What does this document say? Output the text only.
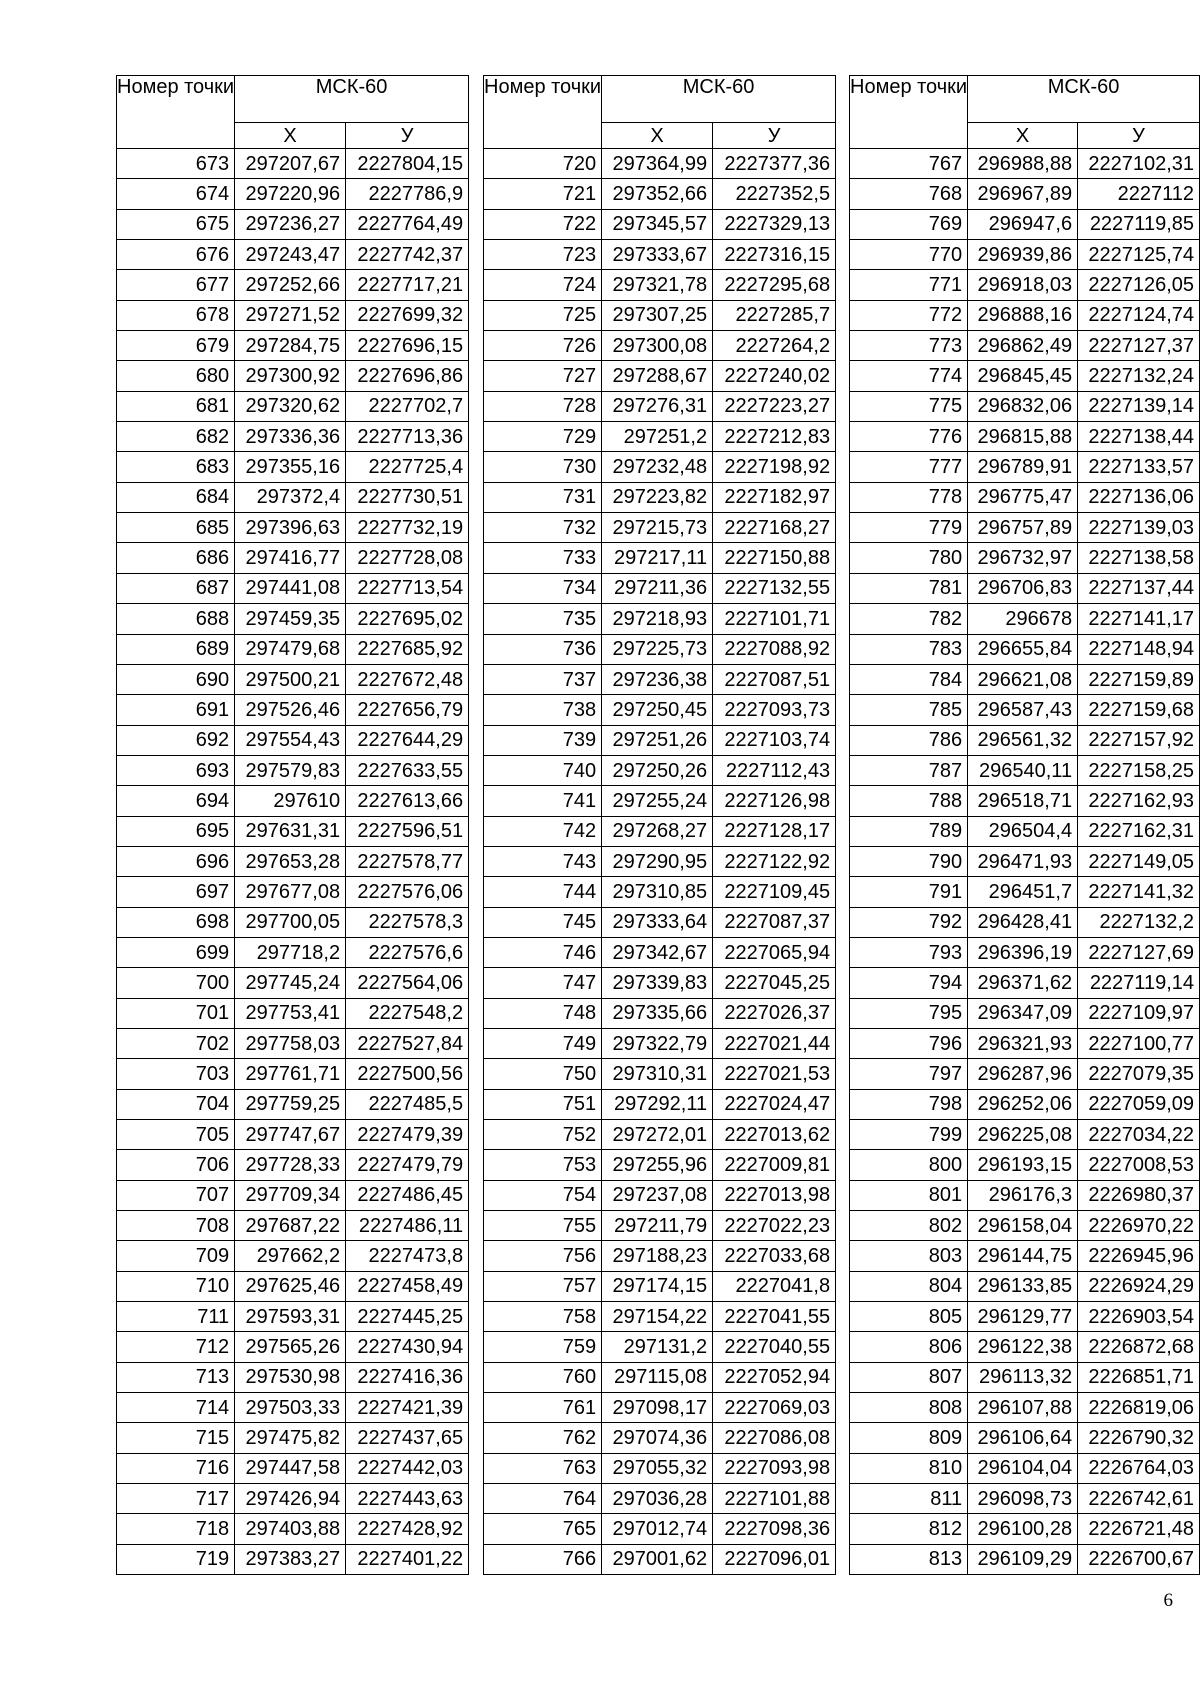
Номер точки	МСК-60	
	X	У
673	297207,67	2227804,15
674	297220,96	2227786,9
675	297236,27	2227764,49
676	297243,47	2227742,37
677	297252,66	2227717,21
678	297271,52	2227699,32
679	297284,75	2227696,15
680	297300,92	2227696,86
681	297320,62	2227702,7
682	297336,36	2227713,36
683	297355,16	2227725,4
684	297372,4	2227730,51
685	297396,63	2227732,19
686	297416,77	2227728,08
687	297441,08	2227713,54
688	297459,35	2227695,02
689	297479,68	2227685,92
690	297500,21	2227672,48
691	297526,46	2227656,79
692	297554,43	2227644,29
693	297579,83	2227633,55
694	297610	2227613,66
695	297631,31	2227596,51
696	297653,28	2227578,77
697	297677,08	2227576,06
698	297700,05	2227578,3
699	297718,2	2227576,6
700	297745,24	2227564,06
701	297753,41	2227548,2
702	297758,03	2227527,84
703	297761,71	2227500,56
704	297759,25	2227485,5
705	297747,67	2227479,39
706	297728,33	2227479,79
707	297709,34	2227486,45
708	297687,22	2227486,11
709	297662,2	2227473,8
710	297625,46	2227458,49
711	297593,31	2227445,25
712	297565,26	2227430,94
713	297530,98	2227416,36
714	297503,33	2227421,39
715	297475,82	2227437,65
716	297447,58	2227442,03
717	297426,94	2227443,63
718	297403,88	2227428,92
719	297383,27	2227401,22
Номер точки	МСК-60	
	X	У
720	297364,99	2227377,36
721	297352,66	2227352,5
722	297345,57	2227329,13
723	297333,67	2227316,15
724	297321,78	2227295,68
725	297307,25	2227285,7
726	297300,08	2227264,2
727	297288,67	2227240,02
728	297276,31	2227223,27
729	297251,2	2227212,83
730	297232,48	2227198,92
731	297223,82	2227182,97
732	297215,73	2227168,27
733	297217,11	2227150,88
734	297211,36	2227132,55
735	297218,93	2227101,71
736	297225,73	2227088,92
737	297236,38	2227087,51
738	297250,45	2227093,73
739	297251,26	2227103,74
740	297250,26	2227112,43
741	297255,24	2227126,98
742	297268,27	2227128,17
743	297290,95	2227122,92
744	297310,85	2227109,45
745	297333,64	2227087,37
746	297342,67	2227065,94
747	297339,83	2227045,25
748	297335,66	2227026,37
749	297322,79	2227021,44
750	297310,31	2227021,53
751	297292,11	2227024,47
752	297272,01	2227013,62
753	297255,96	2227009,81
754	297237,08	2227013,98
755	297211,79	2227022,23
756	297188,23	2227033,68
757	297174,15	2227041,8
758	297154,22	2227041,55
759	297131,2	2227040,55
760	297115,08	2227052,94
761	297098,17	2227069,03
762	297074,36	2227086,08
763	297055,32	2227093,98
764	297036,28	2227101,88
765	297012,74	2227098,36
766	297001,62	2227096,01
Номер точки	МСК-60	
	X	У
767	296988,88	2227102,31
768	296967,89	2227112
769	296947,6	2227119,85
770	296939,86	2227125,74
771	296918,03	2227126,05
772	296888,16	2227124,74
773	296862,49	2227127,37
774	296845,45	2227132,24
775	296832,06	2227139,14
776	296815,88	2227138,44
777	296789,91	2227133,57
778	296775,47	2227136,06
779	296757,89	2227139,03
780	296732,97	2227138,58
781	296706,83	2227137,44
782	296678	2227141,17
783	296655,84	2227148,94
784	296621,08	2227159,89
785	296587,43	2227159,68
786	296561,32	2227157,92
787	296540,11	2227158,25
788	296518,71	2227162,93
789	296504,4	2227162,31
790	296471,93	2227149,05
791	296451,7	2227141,32
792	296428,41	2227132,2
793	296396,19	2227127,69
794	296371,62	2227119,14
795	296347,09	2227109,97
796	296321,93	2227100,77
797	296287,96	2227079,35
798	296252,06	2227059,09
799	296225,08	2227034,22
800	296193,15	2227008,53
801	296176,3	2226980,37
802	296158,04	2226970,22
803	296144,75	2226945,96
804	296133,85	2226924,29
805	296129,77	2226903,54
806	296122,38	2226872,68
807	296113,32	2226851,71
808	296107,88	2226819,06
809	296106,64	2226790,32
810	296104,04	2226764,03
811	296098,73	2226742,61
812	296100,28	2226721,48
813	296109,29	2226700,67
6
